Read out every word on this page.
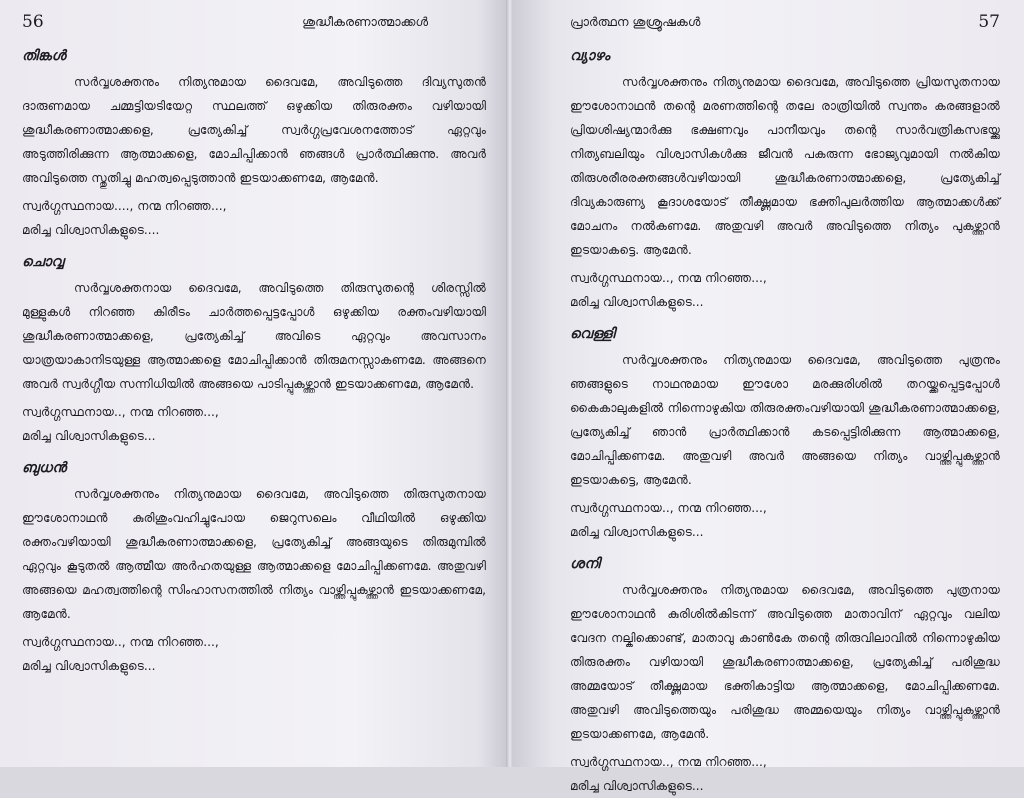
56	ശുദ്ധീകരണാത്മാക്കൾ
തിങ്കൾ

സർവ്വശക്തനും നിത്യനുമായ ദൈവമേ, അവിടുത്തെ ദിവ്യസുതൻ ദാരുണമായ ചമ്മട്ടിയടിയേറ്റ സ്ഥലത്ത് ഒഴുക്കിയ തിരുരക്തം വഴിയായി ശുദ്ധീകരണാത്മാക്കളെ, പ്രത്യേകിച്ച് സ്വർഗ്ഗപ്രവേശനത്തോട് ഏറ്റവും അടുത്തിരിക്കുന്ന ആത്മാക്കളെ, മോചിപ്പിക്കാൻ ഞങ്ങൾ പ്രാർത്ഥിക്കുന്നു. അവർ അവിടുത്തെ സ്തുതിച്ചു മഹത്വപ്പെടുത്താൻ ഇടയാക്കണമേ, ആമേൻ.

സ്വർഗ്ഗസ്ഥനായ...., നന്മ നിറഞ്ഞ...,
മരിച്ച വിശ്വാസികളുടെ....
ചൊവ്വ

സർവ്വശക്തനായ ദൈവമേ, അവിടുത്തെ തിരുസുതന്റെ ശിരസ്സിൽ മുള്ളുകൾ നിറഞ്ഞ കിരീടം ചാർത്തപ്പെട്ടപ്പോൾ ഒഴുക്കിയ രക്തംവഴിയായി ശുദ്ധീകരണാത്മാക്കളെ, പ്രത്യേകിച്ച് അവിടെ ഏറ്റവും അവസാനം യാത്രയാകാനിടയുള്ള ആത്മാക്കളെ മോചിപ്പിക്കാൻ തിരുമനസ്സാകണമേ. അങ്ങനെ അവർ സ്വർഗ്ഗീയ സന്നിധിയിൽ അങ്ങയെ പാടിപ്പുകഴ്ത്താൻ ഇടയാക്കണമേ, ആമേൻ.

സ്വർഗ്ഗസ്ഥനായ.., നന്മ നിറഞ്ഞ...,
മരിച്ച വിശ്വാസികളുടെ...
ബുധൻ

സർവ്വശക്തനും നിത്യനുമായ ദൈവമേ, അവിടുത്തെ തിരുസുതനായ ഈശോനാഥൻ കുരിശുംവഹിച്ചുപോയ ജെറുസലെം വീഥിയിൽ ഒഴുക്കിയ രക്തംവഴിയായി ശുദ്ധീകരണാത്മാക്കളെ, പ്രത്യേകിച്ച് അങ്ങയുടെ തിരുമുമ്പിൽ ഏറ്റവും കൂടുതൽ ആത്മീയ അർഹതയുള്ള ആത്മാക്കളെ മോചിപ്പിക്കണമേ. അതുവഴി അങ്ങയെ മഹത്വത്തിന്റെ സിംഹാസനത്തിൽ നിത്യം വാഴ്ത്തിപ്പുകഴ്ത്താൻ ഇടയാക്കണമേ, ആമേൻ.

സ്വർഗ്ഗസ്ഥനായ.., നന്മ നിറഞ്ഞ...,
മരിച്ച വിശ്വാസികളുടെ...
പ്രാർത്ഥന ശുശ്രൂഷകൾ	57
വ്യാഴം

സർവ്വശക്തനും നിത്യനുമായ ദൈവമേ, അവിടുത്തെ പ്രിയസുതനായ ഈശോനാഥൻ തന്റെ മരണത്തിന്റെ തലേ രാത്രിയിൽ സ്വന്തം കരങ്ങളാൽ പ്രിയശിഷ്യന്മാർക്കു ഭക്ഷണവും പാനീയവും തന്റെ സാർവത്രികസഭയ്ക്കു നിത്യബലിയും വിശ്വാസികൾക്കു ജീവൻ പകരുന്ന ഭോജ്യവുമായി നൽകിയ തിരുശരീരരക്തങ്ങൾവഴിയായി ശുദ്ധീകരണാത്മാക്കളെ, പ്രത്യേകിച്ച് ദിവ്യകാരുണ്യ കൂദാശയോട് തീക്ഷ്ണമായ ഭക്തിപുലർത്തിയ ആത്മാക്കൾക്ക് മോചനം നൽകണമേ. അതുവഴി അവർ അവിടുത്തെ നിത്യം പുകഴ്ത്താൻ ഇടയാകട്ടെ. ആമേൻ.

സ്വർഗ്ഗസ്ഥനായ.., നന്മ നിറഞ്ഞ...,
മരിച്ച വിശ്വാസികളുടെ...
വെള്ളി

സർവ്വശക്തനും നിത്യനുമായ ദൈവമേ, അവിടുത്തെ പുത്രനും ഞങ്ങളുടെ നാഥനുമായ ഈശോ മരക്കുരിശിൽ തറയ്ക്കപ്പെട്ടപ്പോൾ കൈകാലുകളിൽ നിന്നൊഴുകിയ തിരുരക്തംവഴിയായി ശുദ്ധീകരണാത്മാക്കളെ, പ്രത്യേകിച്ച് ഞാൻ പ്രാർത്ഥിക്കാൻ കടപ്പെട്ടിരിക്കുന്ന ആത്മാക്കളെ, മോചിപ്പിക്കണമേ. അതുവഴി അവർ അങ്ങയെ നിത്യം വാഴ്ത്തിപ്പുകഴ്ത്താൻ ഇടയാകട്ടെ, ആമേൻ.

സ്വർഗ്ഗസ്ഥനായ.., നന്മ നിറഞ്ഞ...,
മരിച്ച വിശ്വാസികളുടെ...
ശനി

സർവ്വശക്തനും നിത്യനുമായ ദൈവമേ, അവിടുത്തെ പുത്രനായ ഈശോനാഥൻ കുരിശിൽകിടന്ന് അവിടുത്തെ മാതാവിന് ഏറ്റവും വലിയ വേദന നല്കിക്കൊണ്ട്, മാതാവു കാൺകേ തന്റെ തിരുവിലാവിൽ നിന്നൊഴുകിയ തിരുരക്തം വഴിയായി ശുദ്ധീകരണാത്മാക്കളെ, പ്രത്യേകിച്ച് പരിശുദ്ധ അമ്മയോട് തീക്ഷ്ണമായ ഭക്തികാട്ടിയ ആത്മാക്കളെ, മോചിപ്പിക്കണമേ. അതുവഴി അവിടുത്തെയും പരിശുദ്ധ അമ്മയെയും നിത്യം വാഴ്ത്തിപ്പുകഴ്ത്താൻ ഇടയാക്കണമേ, ആമേൻ.

സ്വർഗ്ഗസ്ഥനായ.., നന്മ നിറഞ്ഞ...,
മരിച്ച വിശ്വാസികളുടെ...
